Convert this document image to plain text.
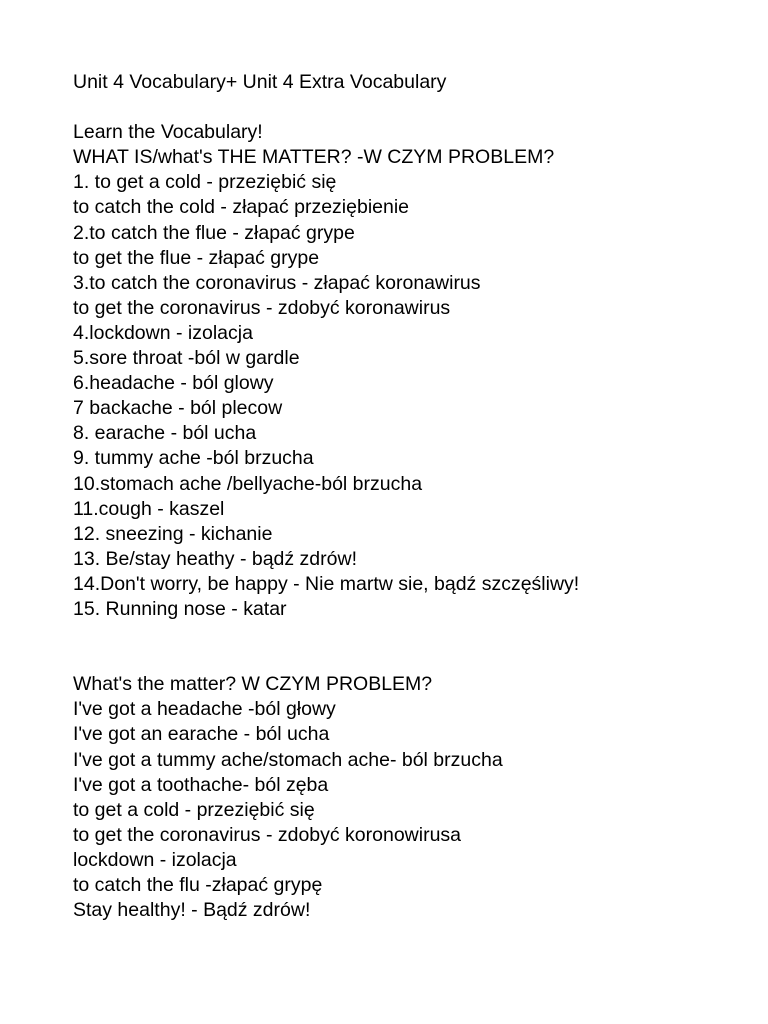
Unit 4 Vocabulary+ Unit 4 Extra Vocabulary
Learn the Vocabulary!
WHAT IS/what's THE MATTER? -W CZYM PROBLEM?
1. to get a cold - przeziębić się
to catch the cold - złapać przeziębienie
2.to catch the flue - złapać grype
to get the flue - złapać grype
3.to catch the coronavirus - złapać koronawirus
to get the coronavirus - zdobyć koronawirus
4.lockdown - izolacja
5.sore throat -ból w gardle
6.headache - ból glowy
7 backache - ból plecow
8. earache - ból ucha
9. tummy ache -ból brzucha
10.stomach ache /bellyache-ból brzucha
11.cough - kaszel
12. sneezing - kichanie
13. Be/stay heathy - bądź zdrów!
14.Don't worry, be happy - Nie martw sie, bądź szczęśliwy!
15. Running nose - katar
What's the matter? W CZYM PROBLEM?
I've got a headache -ból głowy
I've got an earache - ból ucha
I've got a tummy ache/stomach ache- ból brzucha
I've got a toothache- ból zęba
to get a cold - przeziębić się
to get the coronavirus - zdobyć koronowirusa
lockdown - izolacja
to catch the flu -złapać grypę
Stay healthy! - Bądź zdrów!
